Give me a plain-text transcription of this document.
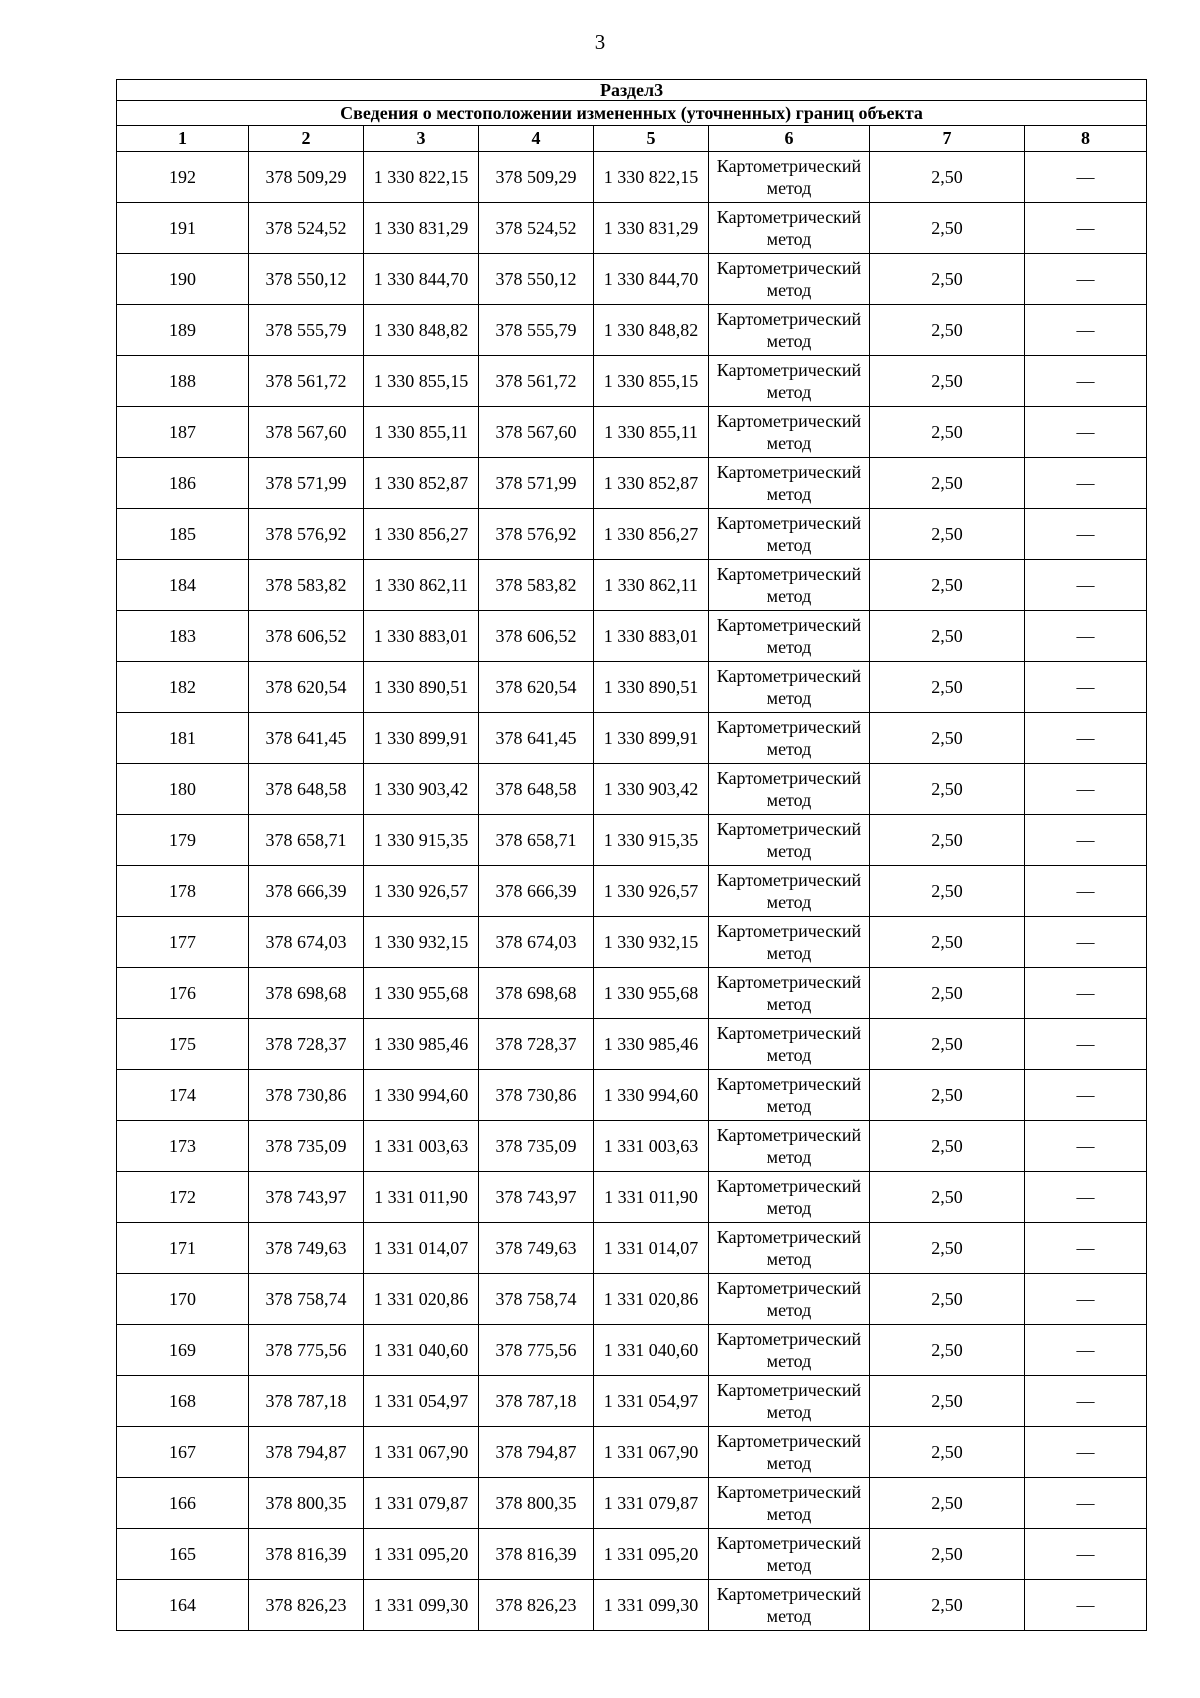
3
Раздел3							
Сведения о местоположении измененных (уточненных) границ объекта							
1	2	3	4	5	6	7	8
192	378 509,29	1 330 822,15	378 509,29	1 330 822,15	Картометрический метод	2,50	—
191	378 524,52	1 330 831,29	378 524,52	1 330 831,29	Картометрический метод	2,50	—
190	378 550,12	1 330 844,70	378 550,12	1 330 844,70	Картометрический метод	2,50	—
189	378 555,79	1 330 848,82	378 555,79	1 330 848,82	Картометрический метод	2,50	—
188	378 561,72	1 330 855,15	378 561,72	1 330 855,15	Картометрический метод	2,50	—
187	378 567,60	1 330 855,11	378 567,60	1 330 855,11	Картометрический метод	2,50	—
186	378 571,99	1 330 852,87	378 571,99	1 330 852,87	Картометрический метод	2,50	—
185	378 576,92	1 330 856,27	378 576,92	1 330 856,27	Картометрический метод	2,50	—
184	378 583,82	1 330 862,11	378 583,82	1 330 862,11	Картометрический метод	2,50	—
183	378 606,52	1 330 883,01	378 606,52	1 330 883,01	Картометрический метод	2,50	—
182	378 620,54	1 330 890,51	378 620,54	1 330 890,51	Картометрический метод	2,50	—
181	378 641,45	1 330 899,91	378 641,45	1 330 899,91	Картометрический метод	2,50	—
180	378 648,58	1 330 903,42	378 648,58	1 330 903,42	Картометрический метод	2,50	—
179	378 658,71	1 330 915,35	378 658,71	1 330 915,35	Картометрический метод	2,50	—
178	378 666,39	1 330 926,57	378 666,39	1 330 926,57	Картометрический метод	2,50	—
177	378 674,03	1 330 932,15	378 674,03	1 330 932,15	Картометрический метод	2,50	—
176	378 698,68	1 330 955,68	378 698,68	1 330 955,68	Картометрический метод	2,50	—
175	378 728,37	1 330 985,46	378 728,37	1 330 985,46	Картометрический метод	2,50	—
174	378 730,86	1 330 994,60	378 730,86	1 330 994,60	Картометрический метод	2,50	—
173	378 735,09	1 331 003,63	378 735,09	1 331 003,63	Картометрический метод	2,50	—
172	378 743,97	1 331 011,90	378 743,97	1 331 011,90	Картометрический метод	2,50	—
171	378 749,63	1 331 014,07	378 749,63	1 331 014,07	Картометрический метод	2,50	—
170	378 758,74	1 331 020,86	378 758,74	1 331 020,86	Картометрический метод	2,50	—
169	378 775,56	1 331 040,60	378 775,56	1 331 040,60	Картометрический метод	2,50	—
168	378 787,18	1 331 054,97	378 787,18	1 331 054,97	Картометрический метод	2,50	—
167	378 794,87	1 331 067,90	378 794,87	1 331 067,90	Картометрический метод	2,50	—
166	378 800,35	1 331 079,87	378 800,35	1 331 079,87	Картометрический метод	2,50	—
165	378 816,39	1 331 095,20	378 816,39	1 331 095,20	Картометрический метод	2,50	—
164	378 826,23	1 331 099,30	378 826,23	1 331 099,30	Картометрический метод	2,50	—
